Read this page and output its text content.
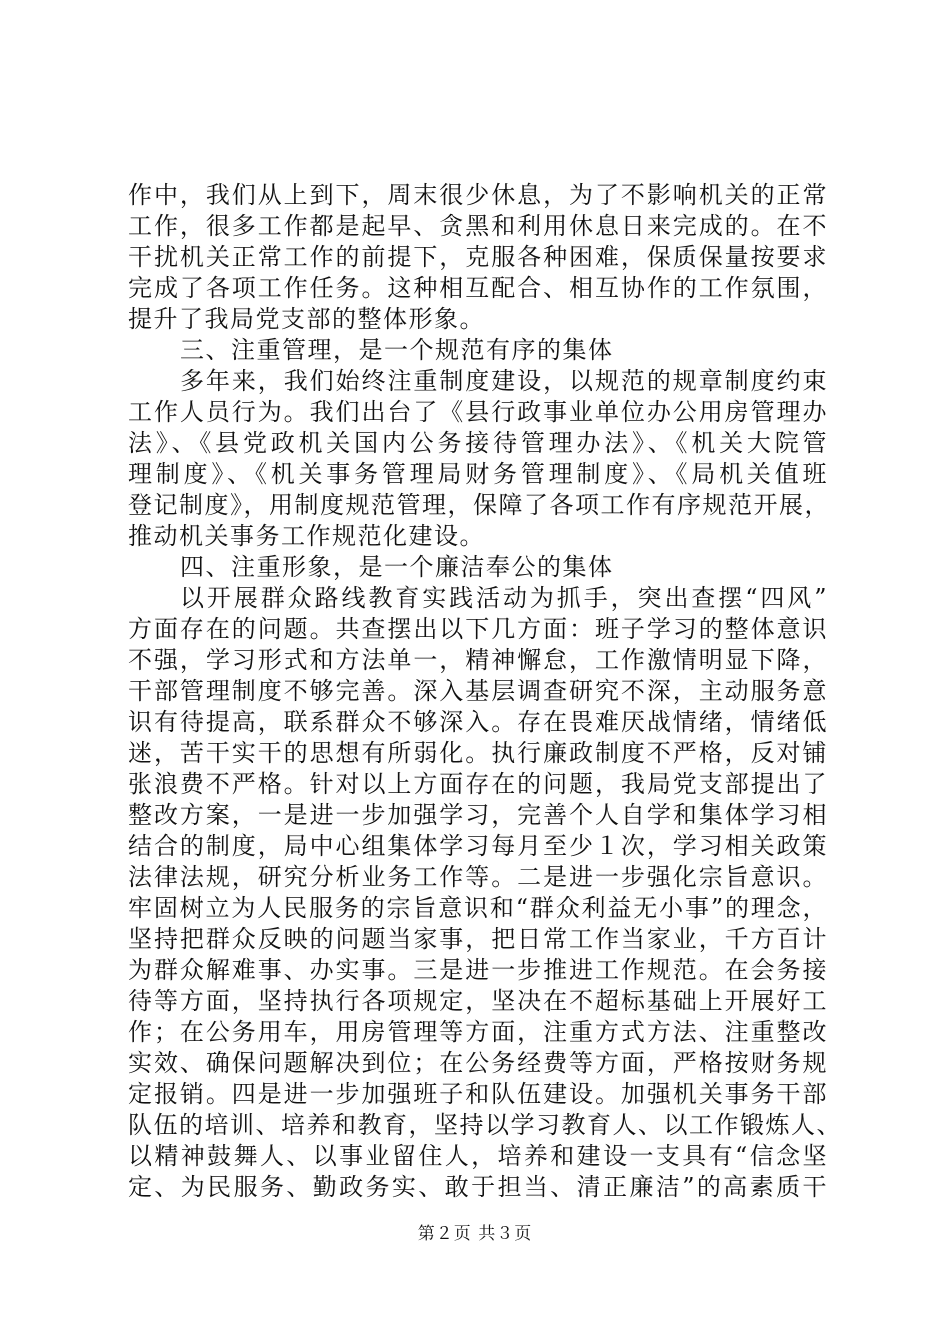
作中，我们从上到下，周末很少休息，为了不影响机关的正常
工作，很多工作都是起早、贪黑和利用休息日来完成的。在不
干扰机关正常工作的前提下，克服各种困难，保质保量按要求
完成了各项工作任务。这种相互配合、相互协作的工作氛围，
提升了我局党支部的整体形象。
三、注重管理，是一个规范有序的集体
多年来，我们始终注重制度建设，以规范的规章制度约束
工作人员行为。我们出台了《县行政事业单位办公用房管理办
法》、《县党政机关国内公务接待管理办法》、《机关大院管
理制度》、《机关事务管理局财务管理制度》、《局机关值班
登记制度》，用制度规范管理，保障了各项工作有序规范开展，
推动机关事务工作规范化建设。
四、注重形象，是一个廉洁奉公的集体
以开展群众路线教育实践活动为抓手，突出查摆“四风”
方面存在的问题。共查摆出以下几方面：班子学习的整体意识
不强，学习形式和方法单一，精神懈怠，工作激情明显下降，
干部管理制度不够完善。深入基层调查研究不深，主动服务意
识有待提高，联系群众不够深入。存在畏难厌战情绪，情绪低
迷，苦干实干的思想有所弱化。执行廉政制度不严格，反对铺
张浪费不严格。针对以上方面存在的问题，我局党支部提出了
整改方案，一是进一步加强学习，完善个人自学和集体学习相
结合的制度，局中心组集体学习每月至少１次，学习相关政策
法律法规，研究分析业务工作等。二是进一步强化宗旨意识。
牢固树立为人民服务的宗旨意识和“群众利益无小事”的理念，
坚持把群众反映的问题当家事，把日常工作当家业，千方百计
为群众解难事、办实事。三是进一步推进工作规范。在会务接
待等方面，坚持执行各项规定，坚决在不超标基础上开展好工
作；在公务用车，用房管理等方面，注重方式方法、注重整改
实效、确保问题解决到位；在公务经费等方面，严格按财务规
定报销。四是进一步加强班子和队伍建设。加强机关事务干部
队伍的培训、培养和教育，坚持以学习教育人、以工作锻炼人、
以精神鼓舞人、以事业留住人，培养和建设一支具有“信念坚
定、为民服务、勤政务实、敢于担当、清正廉洁”的高素质干
第２页 共３页
